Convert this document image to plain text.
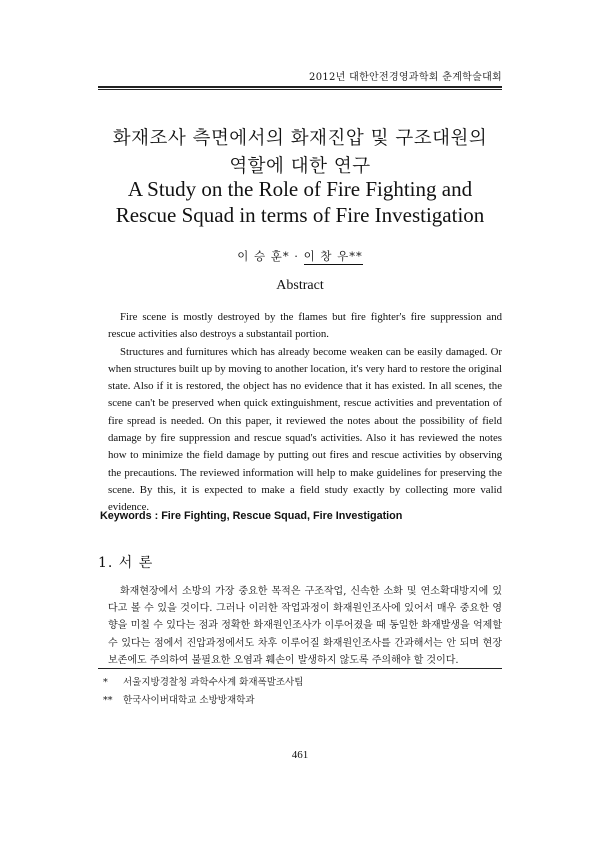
2012년 대한안전경영과학회 춘계학술대회
화재조사 측면에서의 화재진압 및 구조대원의
역할에 대한 연구
A Study on the Role of Fire Fighting and
Rescue Squad in terms of Fire Investigation
이 승 훈* · 이 창 우**
Abstract

Fire scene is mostly destroyed by the flames but fire fighter's fire suppression and rescue activities also destroys a substantail portion.

Structures and furnitures which has already become weaken can be easily damaged. Or when structures built up by moving to another location, it's very hard to restore the original state. Also if it is restored, the object has no evidence that it has existed. In all scenes, the scene can't be preserved when quick extinguishment, rescue activities and preventation of fire spread is needed. On this paper, it reviewed the notes about the possibility of field damage by fire suppression and rescue squad's activities. Also it has reviewed the notes how to minimize the field damage by putting out fires and rescue activities by observing the precautions. The reviewed information will help to make guidelines for preserving the scene. By this, it is expected to make a field study exactly by collecting more valid evidence.

Keywords : Fire Fighting, Rescue Squad, Fire Investigation
1. 서 론

화재현장에서 소방의 가장 중요한 목적은 구조작업, 신속한 소화 및 연소확대방지에 있다고 볼 수 있을 것이다. 그러나 이러한 작업과정이 화재원인조사에 있어서 매우 중요한 영향을 미칠 수 있다는 점과 정확한 화재원인조사가 이루어졌을 때 동일한 화재발생을 억제할 수 있다는 점에서 진압과정에서도 차후 이루어질 화재원인조사를 간과해서는 안 되며 현장보존에도 주의하여 불필요한 오염과 훼손이 발생하지 않도록 주의해야 할 것이다.

*	서울지방경찰청 과학수사계 화재폭발조사팀
**	한국사이버대학교 소방방재학과
461
